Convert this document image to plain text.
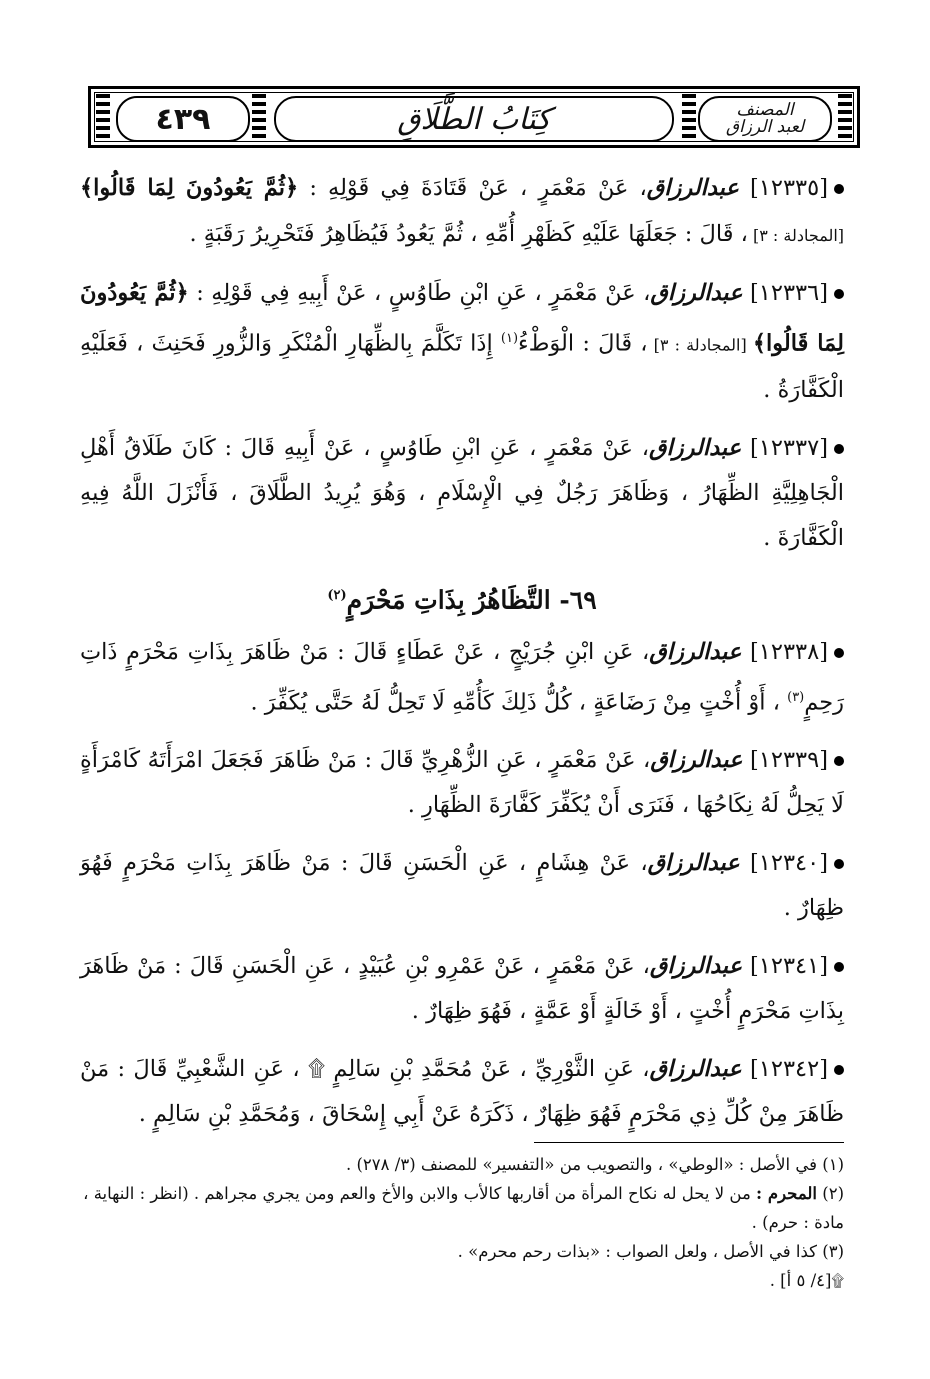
المصنف
لعبد الرزاق
كِتَابُ الطَّلَاقِ
٤٣٩

[١٢٣٣٥] عبدالرزاق، عَنْ مَعْمَرٍ ، عَنْ قَتَادَةَ فِي قَوْلِهِ : ﴿ثُمَّ يَعُودُونَ لِمَا قَالُوا﴾ [المجادلة : ٣] ، قَالَ : جَعَلَهَا عَلَيْهِ كَظَهْرِ أُمِّهِ ، ثُمَّ يَعُودُ فَيُظَاهِرُ فَتَحْرِيرُ رَقَبَةٍ .

[١٢٣٣٦] عبدالرزاق، عَنْ مَعْمَرٍ ، عَنِ ابْنِ طَاوُسٍ ، عَنْ أَبِيهِ فِي قَوْلِهِ : ﴿ثُمَّ يَعُودُونَ لِمَا قَالُوا﴾ [المجادلة : ٣] ، قَالَ : الْوَطْءُ$^{(١)}$ إِذَا تَكَلَّمَ بِالظِّهَارِ الْمُنْكَرِ وَالزُّورِ فَحَنِثَ ، فَعَلَيْهِ الْكَفَّارَةُ .

[١٢٣٣٧] عبدالرزاق، عَنْ مَعْمَرٍ ، عَنِ ابْنِ طَاوُسٍ ، عَنْ أَبِيهِ قَالَ : كَانَ طَلَاقُ أَهْلِ الْجَاهِلِيَّةِ الظِّهَارُ ، وَظَاهَرَ رَجُلٌ فِي الْإِسْلَامِ ، وَهُوَ يُرِيدُ الطَّلَاقَ ، فَأَنْزَلَ اللَّهُ فِيهِ الْكَفَّارَةَ .

٦٩- التَّظَاهُرُ بِذَاتِ مَحْرَمٍ$^{(٢)}$

[١٢٣٣٨] عبدالرزاق، عَنِ ابْنِ جُرَيْجٍ ، عَنْ عَطَاءٍ قَالَ : مَنْ ظَاهَرَ بِذَاتِ مَحْرَمٍ ذَاتِ رَحِمٍ$^{(٣)}$ ، أَوْ أُخْتٍ مِنْ رَضَاعَةٍ ، كُلُّ ذَلِكَ كَأُمِّهِ لَا تَحِلُّ لَهُ حَتَّى يُكَفِّرَ .

[١٢٣٣٩] عبدالرزاق، عَنْ مَعْمَرٍ ، عَنِ الزُّهْرِيِّ قَالَ : مَنْ ظَاهَرَ فَجَعَلَ امْرَأَتَهُ كَامْرَأَةٍ لَا يَحِلُّ لَهُ نِكَاحُهَا ، فَنَرَى أَنْ يُكَفِّرَ كَفَّارَةَ الظِّهَارِ .

[١٢٣٤٠] عبدالرزاق، عَنْ هِشَامٍ ، عَنِ الْحَسَنِ قَالَ : مَنْ ظَاهَرَ بِذَاتِ مَحْرَمٍ فَهُوَ ظِهَارٌ .

[١٢٣٤١] عبدالرزاق، عَنْ مَعْمَرٍ ، عَنْ عَمْرِو بْنِ عُبَيْدٍ ، عَنِ الْحَسَنِ قَالَ : مَنْ ظَاهَرَ بِذَاتِ مَحْرَمٍ أُخْتٍ ، أَوْ خَالَةٍ أَوْ عَمَّةٍ ، فَهُوَ ظِهَارٌ .

[١٢٣٤٢] عبدالرزاق، عَنِ الثَّوْرِيِّ ، عَنْ مُحَمَّدِ بْنِ سَالِمٍ ۩ ، عَنِ الشَّعْبِيِّ قَالَ : مَنْ ظَاهَرَ مِنْ كُلِّ ذِي مَحْرَمٍ فَهُوَ ظِهَارٌ ، ذَكَرَهُ عَنْ أَبِي إِسْحَاقَ ، وَمُحَمَّدِ بْنِ سَالِمٍ .

(١) في الأصل : «الوطي» ، والتصويب من «التفسير» للمصنف (٣/ ٢٧٨) .

(٢) المحرم : من لا يحل له نكاح المرأة من أقاربها كالأب والابن والأخ والعم ومن يجري مجراهم . (انظر : النهاية ، مادة : حرم) .

(٣) كذا في الأصل ، ولعل الصواب : «بذات رحم محرم» .

۩[٤/ ٥ أ] .
